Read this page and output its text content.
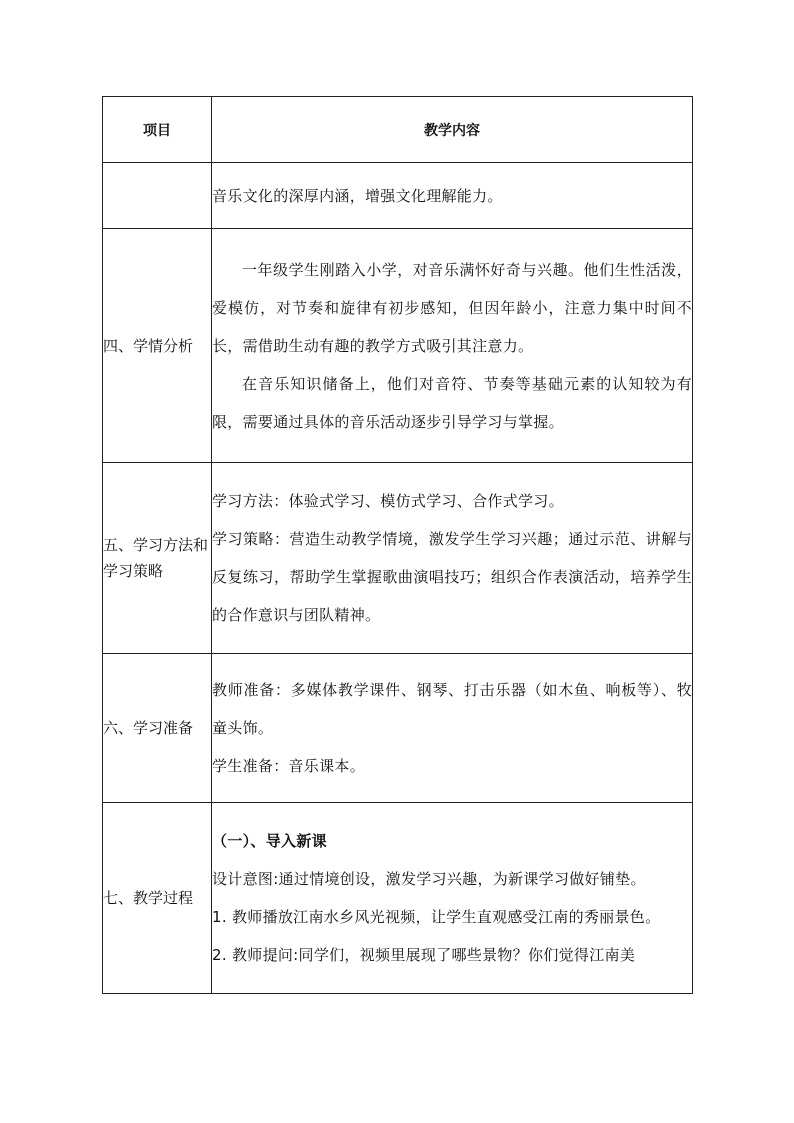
项目	教学内容

	音乐文化的深厚内涵，增强文化理解能力。

四、学情分析	一年级学生刚踏入小学，对音乐满怀好奇与兴趣。他们生性活泼，爱模仿，对节奏和旋律有初步感知，但因年龄小，注意力集中时间不长，需借助生动有趣的教学方式吸引其注意力。

在音乐知识储备上，他们对音符、节奏等基础元素的认知较为有限，需要通过具体的音乐活动逐步引导学习与掌握。

五、学习方法和学习策略	学习方法：体验式学习、模仿式学习、合作式学习。

学习策略：营造生动教学情境，激发学生学习兴趣；通过示范、讲解与反复练习，帮助学生掌握歌曲演唱技巧；组织合作表演活动，培养学生的合作意识与团队精神。

六、学习准备	教师准备：多媒体教学课件、钢琴、打击乐器（如木鱼、响板等）、牧童头饰。

学生准备：音乐课本。

七、教学过程	（一）、导入新课

设计意图:通过情境创设，激发学习兴趣，为新课学习做好铺垫。

1. 教师播放江南水乡风光视频，让学生直观感受江南的秀丽景色。

2. 教师提问:同学们，视频里展现了哪些景物？你们觉得江南美
